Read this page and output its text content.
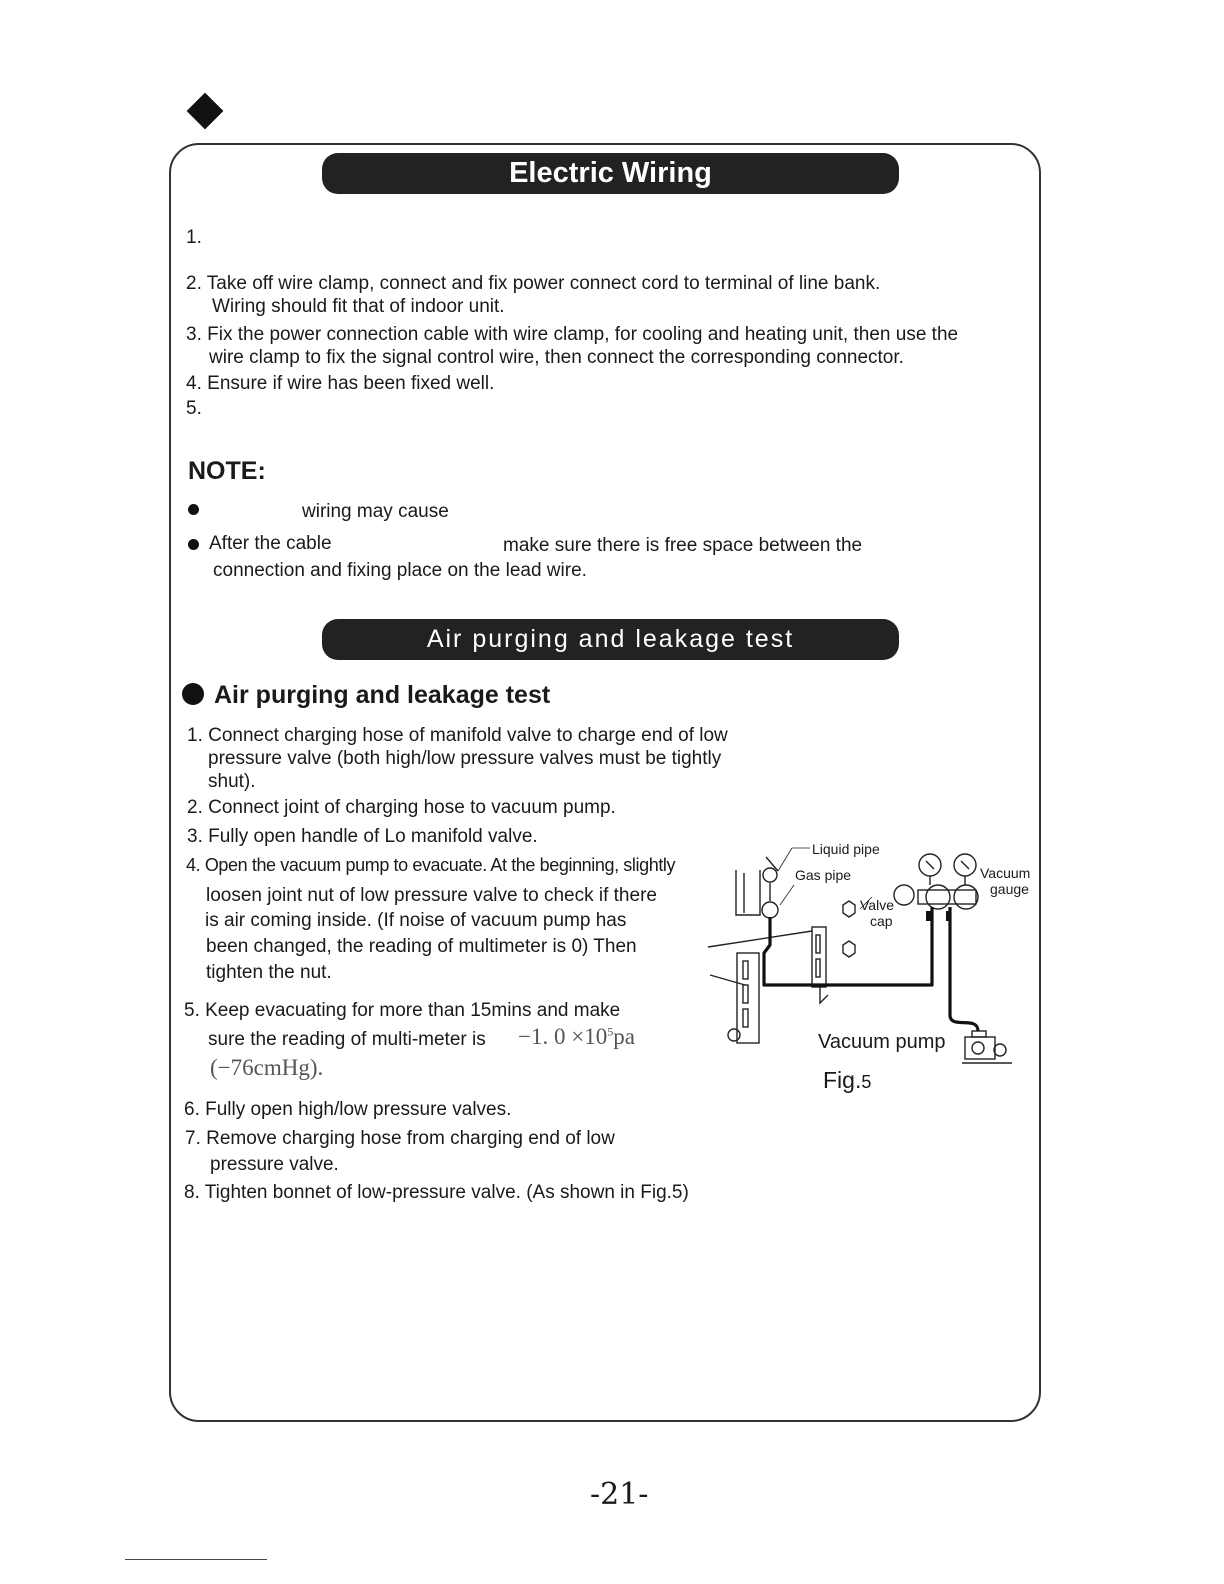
Electric Wiring
1.
2. Take off wire clamp, connect and fix power connect cord to terminal of line bank.
Wiring should fit that of indoor unit.
3. Fix the power connection cable with wire clamp, for cooling and heating unit, then use the
wire clamp to fix the signal control wire, then connect the corresponding connector.
4. Ensure if wire has been fixed well.
5.
NOTE:
wiring may cause
After the cable	make sure there is free space between the
connection and fixing place on the lead wire.
Air purging and leakage test
Air purging and leakage test
1. Connect charging hose of manifold valve to charge end of low
pressure valve (both high/low pressure valves must be tightly
shut).
2. Connect joint of charging hose to vacuum pump.
3. Fully open handle of Lo manifold valve.
4. Open the vacuum pump to evacuate. At the beginning, slightly
loosen joint nut of low pressure valve to check if there
is air coming inside. (If noise of vacuum pump has
been changed, the reading of multimeter is 0) Then
tighten the nut.
5. Keep evacuating for more than 15mins and make
sure the reading of multi-meter is −1. $0 \times 10^5pa$
(−76cmHg).
6. Fully open high/low pressure valves.
7. Remove charging hose from charging end of low
pressure valve.
8. Tighten bonnet of low-pressure valve. (As shown in Fig.5)
Liquid pipe
Gas pipe
Valve
cap
Vacuum
gauge
Vacuum pump
Fig.5
-21-
